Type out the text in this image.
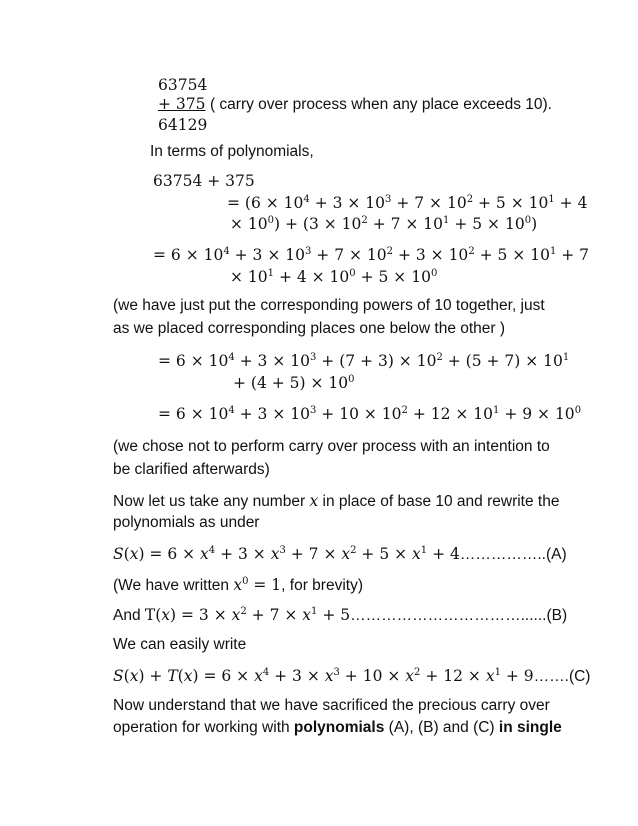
63754
+ 375 ( carry over process when any place exceeds 10).
64129
In terms of polynomials,
63754 + 375
= ($6 \times 10^4 + 3 \times 10^3 + 7 \times 10^2 + 5 \times 10^1 + 4$
× $10^0) + (3 \times 10^2 + 7 \times 10^1 + 5 \times 10^0)$
= $6 \times 10^4 + 3 \times 10^3 + 7 \times 10^2 + 3 \times 10^2 + 5 \times 10^1 + 7$
× $10^1 + 4 \times 10^0 + 5 \times 10^0$
(we have just put the corresponding powers of 10 together, just
as we placed corresponding places one below the other )
= $6 \times 10^4 + 3 \times 10^3 + (7 + 3) \times 10^2 + (5 + 7) \times 10^1$
+ $(4 + 5) \times 10^0$
= $6 \times 10^4 + 3 \times 10^3 + 10 \times 10^2 + 12 \times 10^1 + 9 \times 10^0$
(we chose not to perform carry over process with an intention to
be clarified afterwards)
Now let us take any number x in place of base 10 and rewrite the
polynomials as under
$S(x) = 6 \times x^4 + 3 \times x^3 + 7 \times x^2 + 5 \times x^1$ + 4……………..(A)
(We have written $x^0 = 1$, for brevity)
And $T(x) = 3 \times x^2 + 7 \times x^1$ + 5……………………………......(B)
We can easily write
$S(x) + T(x) = 6 \times x^4 + 3 \times x^3 + 10 \times x^2 + 12 \times x^1$ + 9…….(C)
Now understand that we have sacrificed the precious carry over
operation for working with polynomials (A), (B) and (C) in single
